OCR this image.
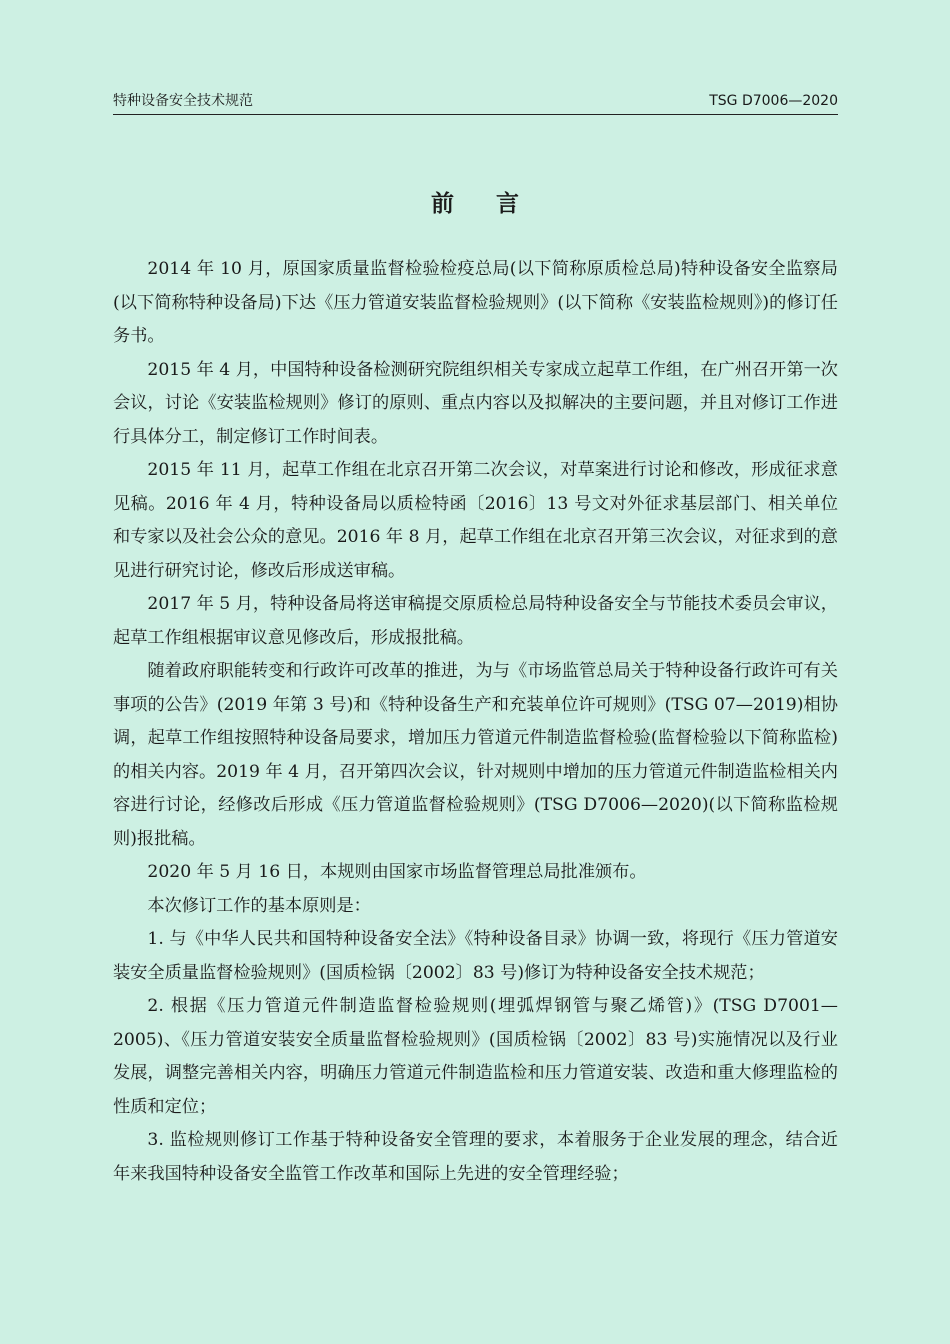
特种设备安全技术规范	TSG D7006—2020
前言

2014 年 10 月，原国家质量监督检验检疫总局(以下简称原质检总局)特种设备安全监察局(以下简称特种设备局)下达《压力管道安装监督检验规则》(以下简称《安装监检规则》)的修订任务书。

2015 年 4 月，中国特种设备检测研究院组织相关专家成立起草工作组，在广州召开第一次会议，讨论《安装监检规则》修订的原则、重点内容以及拟解决的主要问题，并且对修订工作进行具体分工，制定修订工作时间表。

2015 年 11 月，起草工作组在北京召开第二次会议，对草案进行讨论和修改，形成征求意见稿。2016 年 4 月，特种设备局以质检特函〔2016〕13 号文对外征求基层部门、相关单位和专家以及社会公众的意见。2016 年 8 月，起草工作组在北京召开第三次会议，对征求到的意见进行研究讨论，修改后形成送审稿。

2017 年 5 月，特种设备局将送审稿提交原质检总局特种设备安全与节能技术委员会审议，起草工作组根据审议意见修改后，形成报批稿。

随着政府职能转变和行政许可改革的推进，为与《市场监管总局关于特种设备行政许可有关事项的公告》(2019 年第 3 号)和《特种设备生产和充装单位许可规则》(TSG 07—2019)相协调，起草工作组按照特种设备局要求，增加压力管道元件制造监督检验(监督检验以下简称监检)的相关内容。2019 年 4 月，召开第四次会议，针对规则中增加的压力管道元件制造监检相关内容进行讨论，经修改后形成《压力管道监督检验规则》(TSG D7006—2020)(以下简称监检规则)报批稿。

2020 年 5 月 16 日，本规则由国家市场监督管理总局批准颁布。

本次修订工作的基本原则是：

1. 与《中华人民共和国特种设备安全法》《特种设备目录》协调一致，将现行《压力管道安装安全质量监督检验规则》(国质检锅〔2002〕83 号)修订为特种设备安全技术规范；

2. 根据《压力管道元件制造监督检验规则(埋弧焊钢管与聚乙烯管)》(TSG D7001—2005)、《压力管道安装安全质量监督检验规则》(国质检锅〔2002〕83 号)实施情况以及行业发展，调整完善相关内容，明确压力管道元件制造监检和压力管道安装、改造和重大修理监检的性质和定位；

3. 监检规则修订工作基于特种设备安全管理的要求，本着服务于企业发展的理念，结合近年来我国特种设备安全监管工作改革和国际上先进的安全管理经验；
